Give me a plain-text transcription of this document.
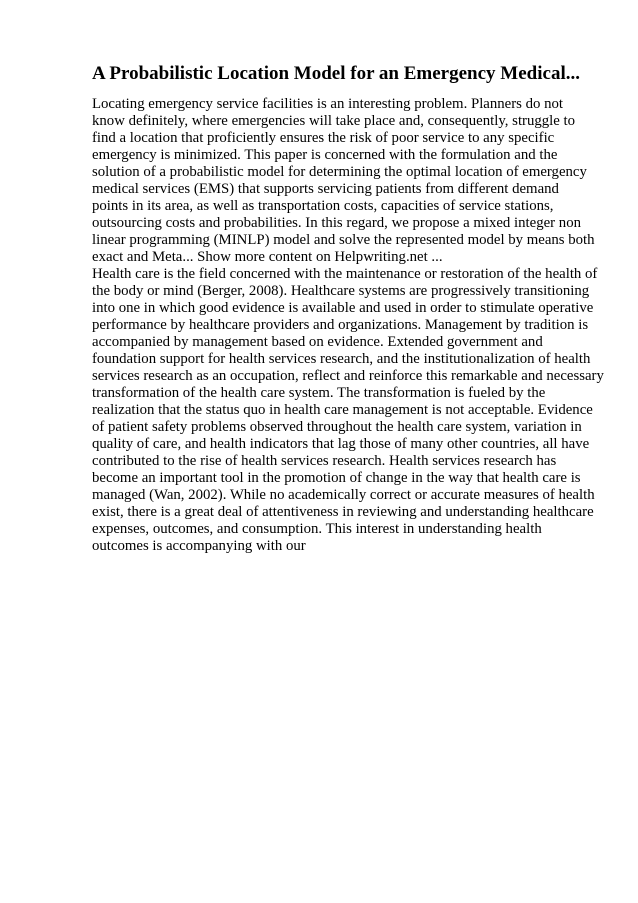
A Probabilistic Location Model for an Emergency Medical...

Locating emergency service facilities is an interesting problem. Planners do not
know definitely, where emergencies will take place and, consequently, struggle to
find a location that proficiently ensures the risk of poor service to any specific
emergency is minimized. This paper is concerned with the formulation and the
solution of a probabilistic model for determining the optimal location of emergency
medical services (EMS) that supports servicing patients from different demand
points in its area, as well as transportation costs, capacities of service stations,
outsourcing costs and probabilities. In this regard, we propose a mixed integer non
linear programming (MINLP) model and solve the represented model by means both
exact and Meta... Show more content on Helpwriting.net ...

Health care is the field concerned with the maintenance or restoration of the health of
the body or mind (Berger, 2008). Healthcare systems are progressively transitioning
into one in which good evidence is available and used in order to stimulate operative
performance by healthcare providers and organizations. Management by tradition is
accompanied by management based on evidence. Extended government and
foundation support for health services research, and the institutionalization of health
services research as an occupation, reflect and reinforce this remarkable and necessary
transformation of the health care system. The transformation is fueled by the
realization that the status quo in health care management is not acceptable. Evidence
of patient safety problems observed throughout the health care system, variation in
quality of care, and health indicators that lag those of many other countries, all have
contributed to the rise of health services research. Health services research has
become an important tool in the promotion of change in the way that health care is
managed (Wan, 2002). While no academically correct or accurate measures of health
exist, there is a great deal of attentiveness in reviewing and understanding healthcare
expenses, outcomes, and consumption. This interest in understanding health
outcomes is accompanying with our
